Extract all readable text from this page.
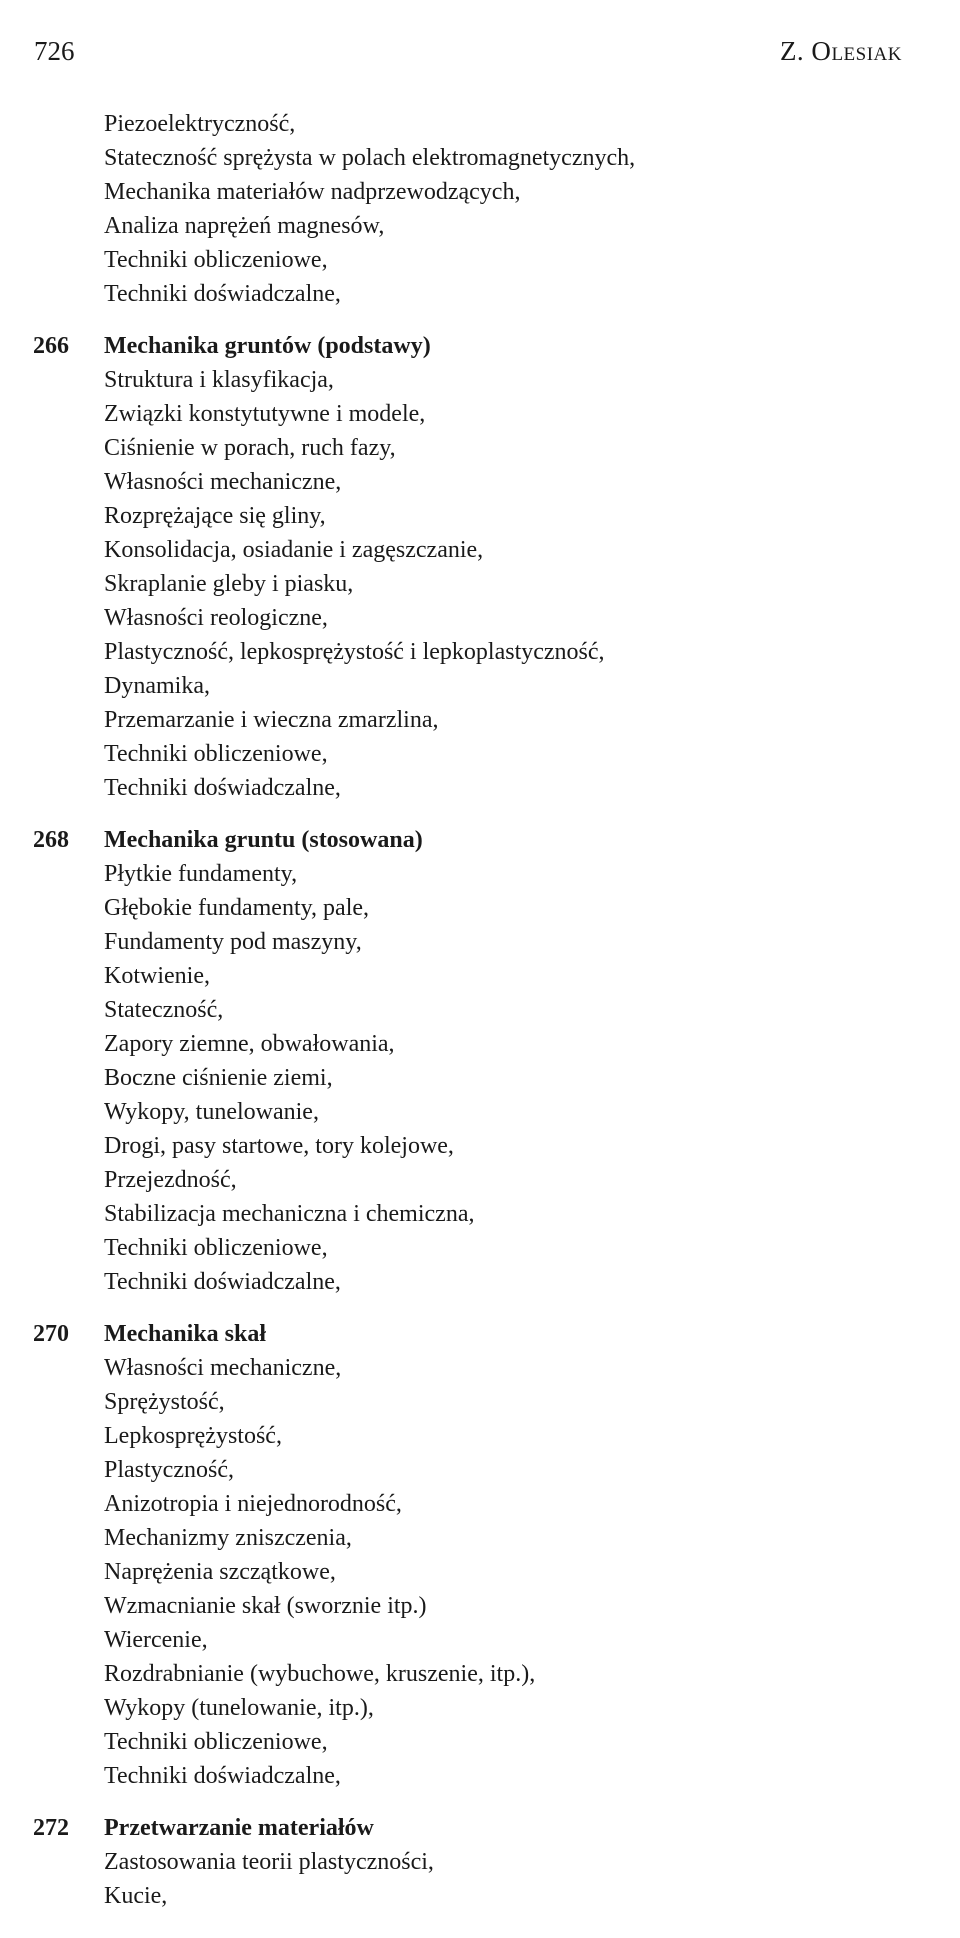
726	Z. Olesiak
Piezoelektryczność,
Stateczność sprężysta w polach elektromagnetycznych,
Mechanika materiałów nadprzewodzących,
Analiza naprężeń magnesów,
Techniki obliczeniowe,
Techniki doświadczalne,
266 Mechanika gruntów (podstawy)
Struktura i klasyfikacja,
Związki konstytutywne i modele,
Ciśnienie w porach, ruch fazy,
Własności mechaniczne,
Rozprężające się gliny,
Konsolidacja, osiadanie i zagęszczanie,
Skraplanie gleby i piasku,
Własności reologiczne,
Plastyczność, lepkosprężystość i lepkoplastyczność,
Dynamika,
Przemarzanie i wieczna zmarzlina,
Techniki obliczeniowe,
Techniki doświadczalne,
268 Mechanika gruntu (stosowana)
Płytkie fundamenty,
Głębokie fundamenty, pale,
Fundamenty pod maszyny,
Kotwienie,
Stateczność,
Zapory ziemne, obwałowania,
Boczne ciśnienie ziemi,
Wykopy, tunelowanie,
Drogi, pasy startowe, tory kolejowe,
Przejezdność,
Stabilizacja mechaniczna i chemiczna,
Techniki obliczeniowe,
Techniki doświadczalne,
270 Mechanika skał
Własności mechaniczne,
Sprężystość,
Lepkosprężystość,
Plastyczność,
Anizotropia i niejednorodność,
Mechanizmy zniszczenia,
Naprężenia szczątkowe,
Wzmacnianie skał (sworznie itp.)
Wiercenie,
Rozdrabnianie (wybuchowe, kruszenie, itp.),
Wykopy (tunelowanie, itp.),
Techniki obliczeniowe,
Techniki doświadczalne,
272 Przetwarzanie materiałów
Zastosowania teorii plastyczności,
Kucie,
